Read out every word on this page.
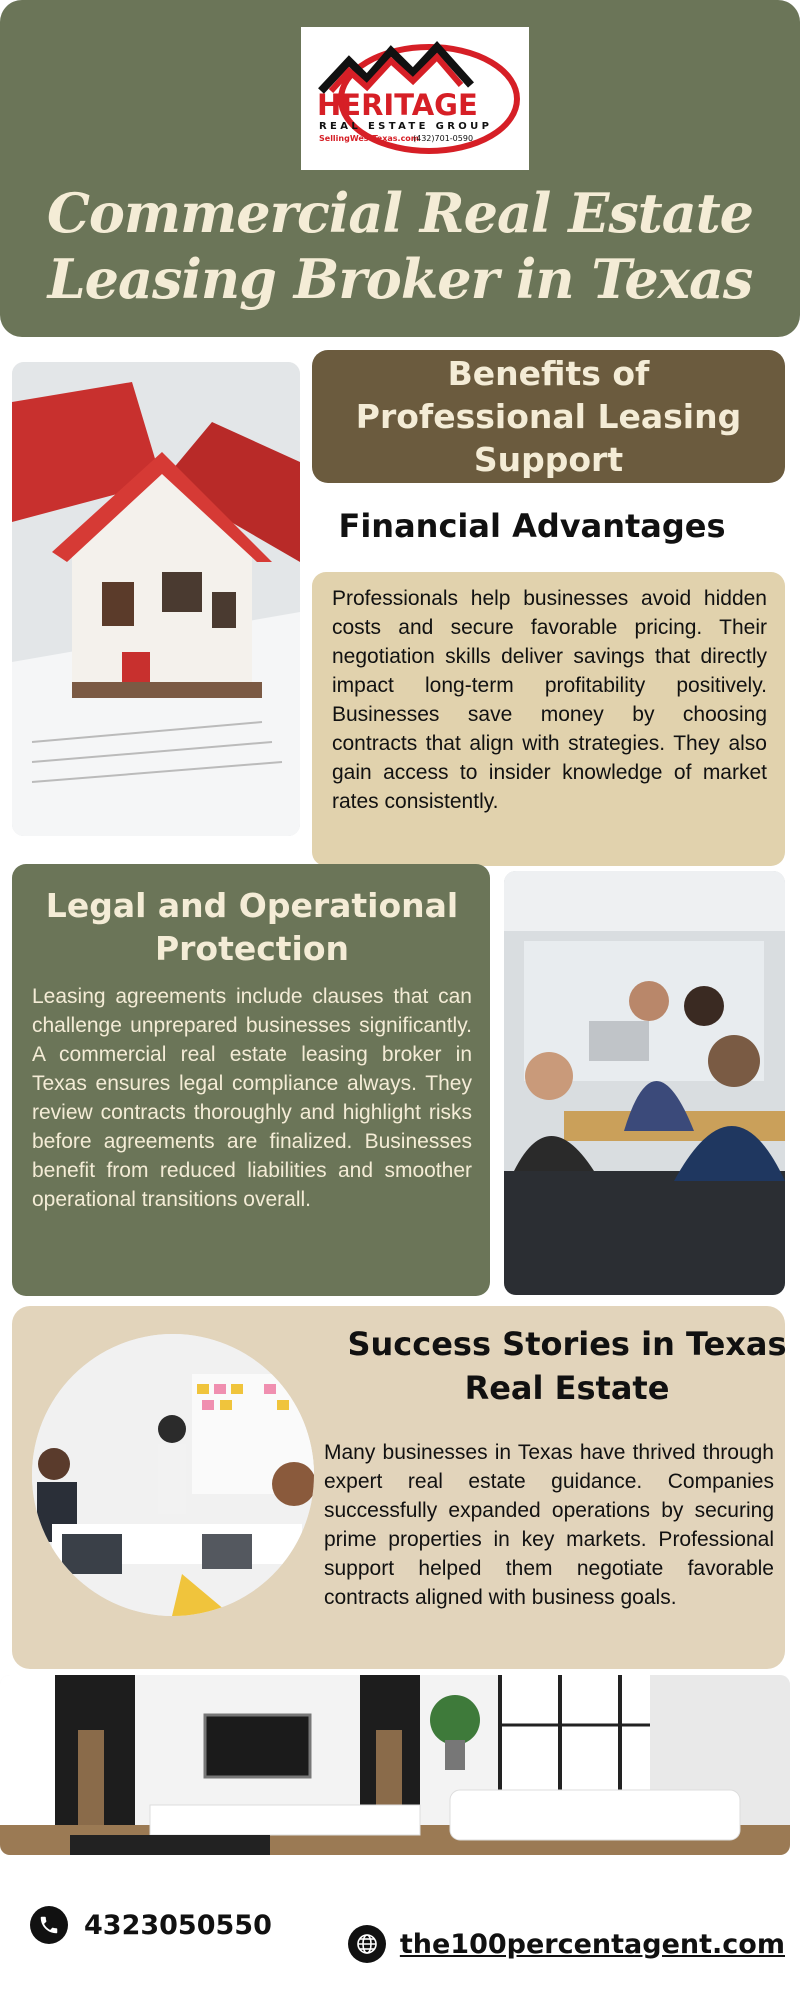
HERITAGE
REAL ESTATE GROUP
SellingWestTexas.com
(432)701-0590
Commercial Real Estate Leasing Broker in Texas
Benefits of Professional Leasing Support
Financial Advantages

Professionals help businesses avoid hidden costs and secure favorable pricing. Their negotiation skills deliver savings that directly impact long-term profitability positively. Businesses save money by choosing contracts that align with strategies. They also gain access to insider knowledge of market rates consistently.

Legal and Operational Protection

Leasing agreements include clauses that can challenge unprepared businesses significantly. A commercial real estate leasing broker in Texas ensures legal compliance always. They review contracts thoroughly and highlight risks before agreements are finalized. Businesses benefit from reduced liabilities and smoother operational transitions overall.

Success Stories in Texas Real Estate

Many businesses in Texas have thrived through expert real estate guidance. Companies successfully expanded operations by securing prime properties in key markets. Professional support helped them negotiate favorable contracts aligned with business goals.

4323050550
the100percentagent.com
